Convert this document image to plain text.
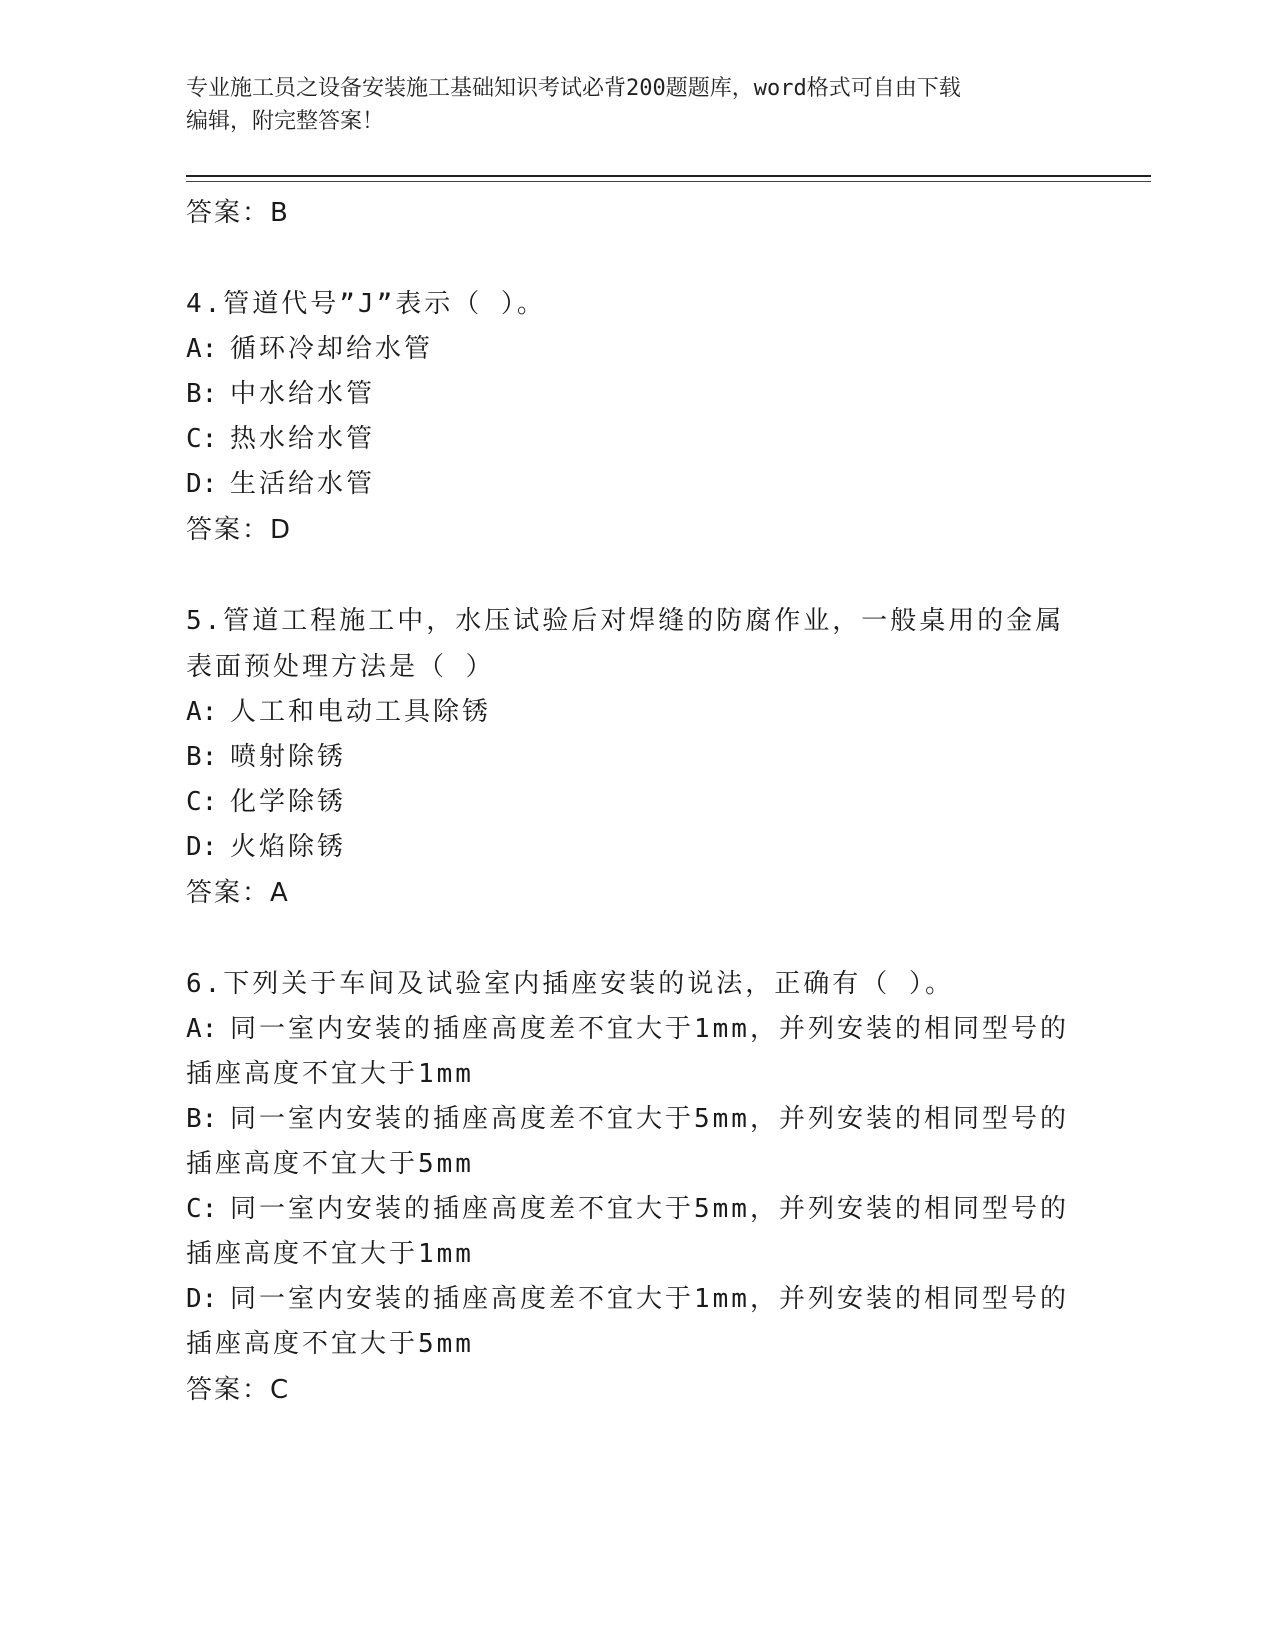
专业施工员之设备安装施工基础知识考试必背200题题库，word格式可自由下载
编辑，附完整答案！
答案：B
4.管道代号”J”表示（ ）。
A: 循环冷却给水管
B: 中水给水管
C: 热水给水管
D: 生活给水管
答案：D
5.管道工程施工中，水压试验后对焊缝的防腐作业，一般桌用的金属
表面预处理方法是（ ）
A: 人工和电动工具除锈
B: 喷射除锈
C: 化学除锈
D: 火焰除锈
答案：A
6.下列关于车间及试验室内插座安装的说法，正确有（ ）。
A: 同一室内安装的插座高度差不宜大于1mm，并列安装的相同型号的
插座高度不宜大于1mm
B: 同一室内安装的插座高度差不宜大于5mm，并列安装的相同型号的
插座高度不宜大于5mm
C: 同一室内安装的插座高度差不宜大于5mm，并列安装的相同型号的
插座高度不宜大于1mm
D: 同一室内安装的插座高度差不宜大于1mm，并列安装的相同型号的
插座高度不宜大于5mm
答案：C
